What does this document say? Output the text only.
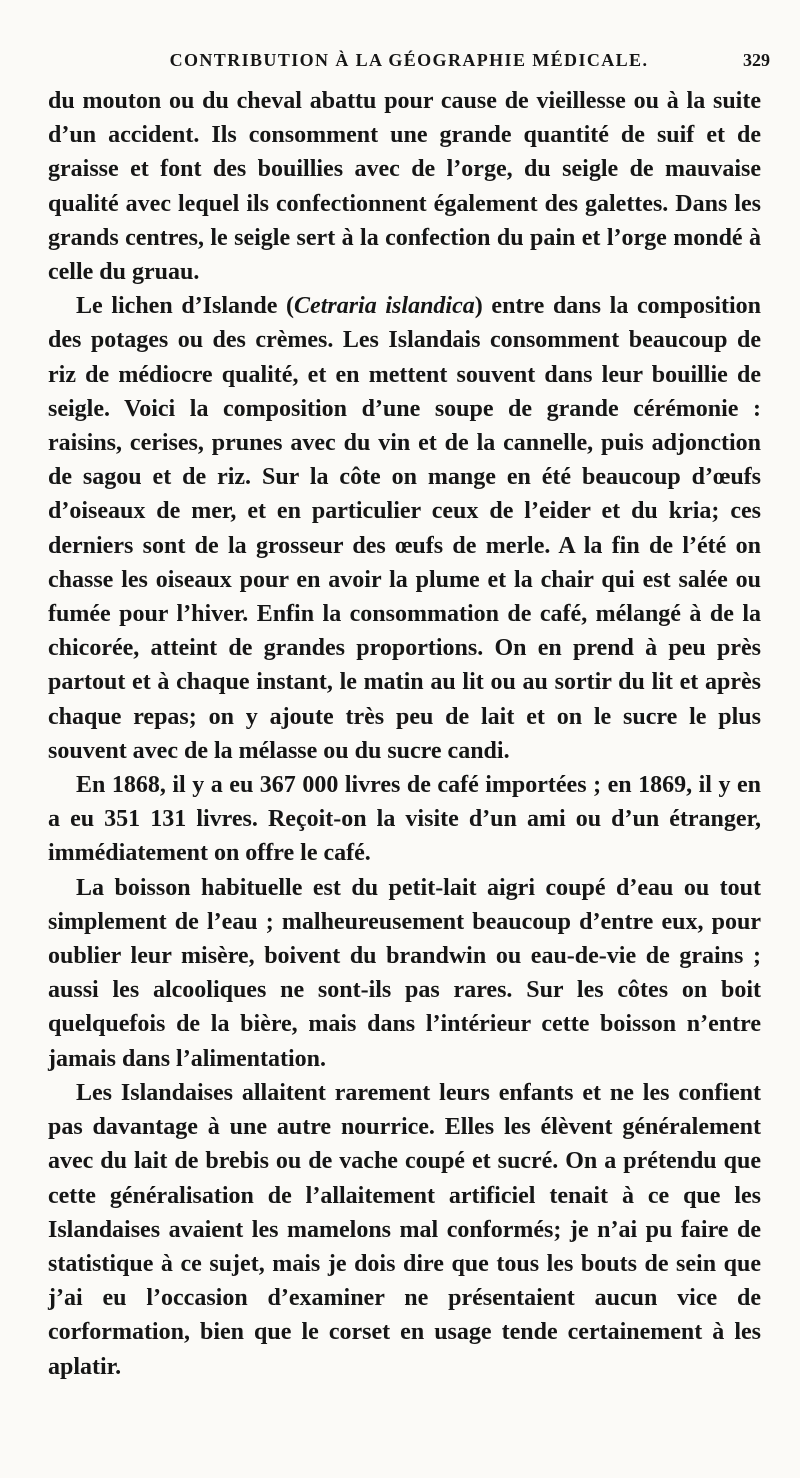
CONTRIBUTION À LA GÉOGRAPHIE MÉDICALE.	329

du mouton ou du cheval abattu pour cause de vieillesse ou à la suite d’un accident. Ils consomment une grande quantité de suif et de graisse et font des bouillies avec de l’orge, du seigle de mauvaise qualité avec lequel ils confectionnent également des galettes. Dans les grands centres, le seigle sert à la confection du pain et l’orge mondé à celle du gruau.

Le lichen d’Islande (Cetraria islandica) entre dans la composition des potages ou des crèmes. Les Islandais consomment beaucoup de riz de médiocre qualité, et en mettent souvent dans leur bouillie de seigle. Voici la composition d’une soupe de grande cérémonie : raisins, cerises, prunes avec du vin et de la cannelle, puis adjonction de sagou et de riz. Sur la côte on mange en été beaucoup d’œufs d’oiseaux de mer, et en particulier ceux de l’eider et du kria; ces derniers sont de la grosseur des œufs de merle. A la fin de l’été on chasse les oiseaux pour en avoir la plume et la chair qui est salée ou fumée pour l’hiver. Enfin la consommation de café, mélangé à de la chicorée, atteint de grandes proportions. On en prend à peu près partout et à chaque instant, le matin au lit ou au sortir du lit et après chaque repas; on y ajoute très peu de lait et on le sucre le plus souvent avec de la mélasse ou du sucre candi.

En 1868, il y a eu 367 000 livres de café importées ; en 1869, il y en a eu 351 131 livres. Reçoit-on la visite d’un ami ou d’un étranger, immédiatement on offre le café.

La boisson habituelle est du petit-lait aigri coupé d’eau ou tout simplement de l’eau ; malheureusement beaucoup d’entre eux, pour oublier leur misère, boivent du brandwin ou eau-de-vie de grains ; aussi les alcooliques ne sont-ils pas rares. Sur les côtes on boit quelquefois de la bière, mais dans l’intérieur cette boisson n’entre jamais dans l’alimentation.

Les Islandaises allaitent rarement leurs enfants et ne les confient pas davantage à une autre nourrice. Elles les élèvent généralement avec du lait de brebis ou de vache coupé et sucré. On a prétendu que cette généralisation de l’allaitement artificiel tenait à ce que les Islandaises avaient les mamelons mal conformés; je n’ai pu faire de statistique à ce sujet, mais je dois dire que tous les bouts de sein que j’ai eu l’occasion d’examiner ne présentaient aucun vice de corformation, bien que le corset en usage tende certainement à les aplatir.
